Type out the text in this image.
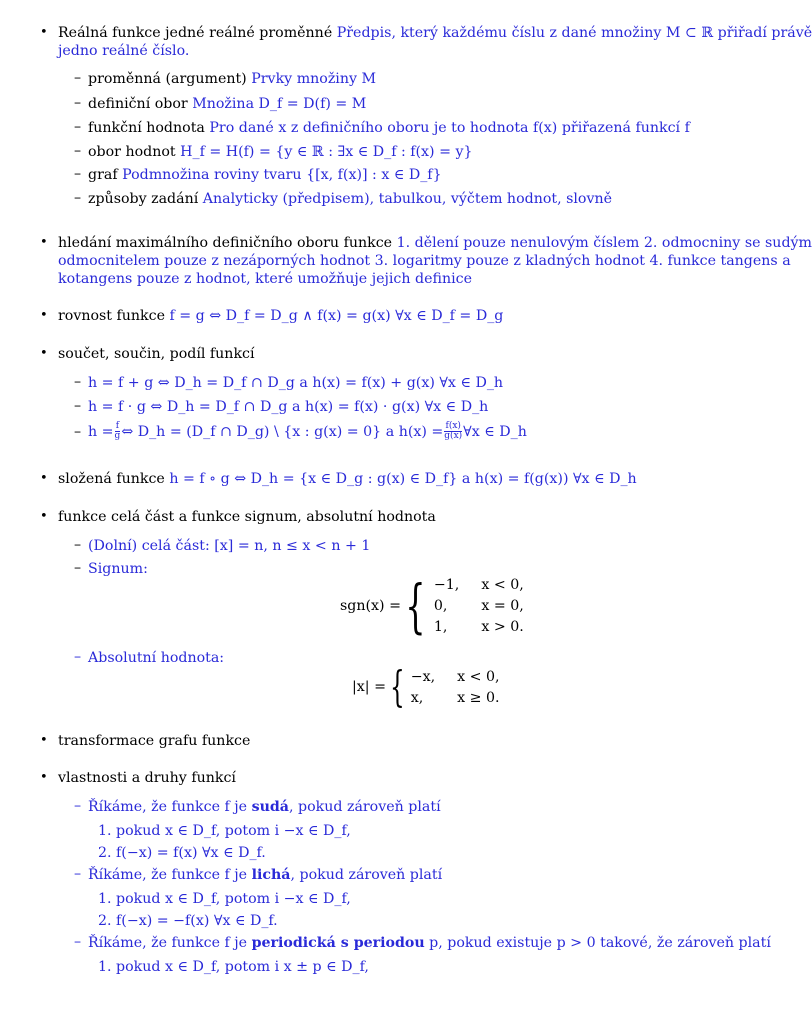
• Reálná funkce jedné reálné proměnné Předpis, který každému číslu z dané množiny M ⊂ ℝ přiřadí právě
jedno reálné číslo.
– proměnná (argument) Prvky množiny M
– definiční obor Množina D_f = D(f) = M
– funkční hodnota Pro dané x z definičního oboru je to hodnota f(x) přiřazená funkcí f
– obor hodnot H_f = H(f) = {y ∈ ℝ : ∃x ∈ D_f : f(x) = y}
– graf Podmnožina roviny tvaru {[x, f(x)] : x ∈ D_f}
– způsoby zadání Analyticky (předpisem), tabulkou, výčtem hodnot, slovně
• hledání maximálního definičního oboru funkce 1. dělení pouze nenulovým číslem 2. odmocniny se sudým
odmocnitelem pouze z nezáporných hodnot 3. logaritmy pouze z kladných hodnot 4. funkce tangens a
kotangens pouze z hodnot, které umožňuje jejich definice
• rovnost funkce f = g ⇔ D_f = D_g ∧ f(x) = g(x) ∀x ∈ D_f = D_g
• součet, součin, podíl funkcí
– h = f + g ⇔ D_h = D_f ∩ D_g a h(x) = f(x) + g(x) ∀x ∈ D_h
– h = f · g ⇔ D_h = D_f ∩ D_g a h(x) = f(x) · g(x) ∀x ∈ D_h
– $h = \frac{f}{g}$ ⇔ D_h = (D_f ∩ D_g) \ {x : g(x) = 0} a $h(x) = \frac{f(x)}{g(x)}$ ∀x ∈ D_h
• složená funkce h = f ∘ g ⇔ D_h = {x ∈ D_g : g(x) ∈ D_f} a h(x) = f(g(x)) ∀x ∈ D_h
• funkce celá část a funkce signum, absolutní hodnota
– (Dolní) celá část: [x] = n, n ≤ x < n + 1
– Signum:
sgn(x) = { −1, x < 0,
0,	x = 0,
1,	x > 0.
– Absolutní hodnota:
|x| = { −x, x < 0,
x,	x ≥ 0.
• transformace grafu funkce
• vlastnosti a druhy funkcí
– Říkáme, že funkce f je sudá, pokud zároveň platí
1. pokud x ∈ D_f, potom i −x ∈ D_f,
2. f(−x) = f(x) ∀x ∈ D_f.
– Říkáme, že funkce f je lichá, pokud zároveň platí
1. pokud x ∈ D_f, potom i −x ∈ D_f,
2. f(−x) = −f(x) ∀x ∈ D_f.
– Říkáme, že funkce f je periodická s periodou p, pokud existuje p > 0 takové, že zároveň platí
1. pokud x ∈ D_f, potom i x ± p ∈ D_f,
